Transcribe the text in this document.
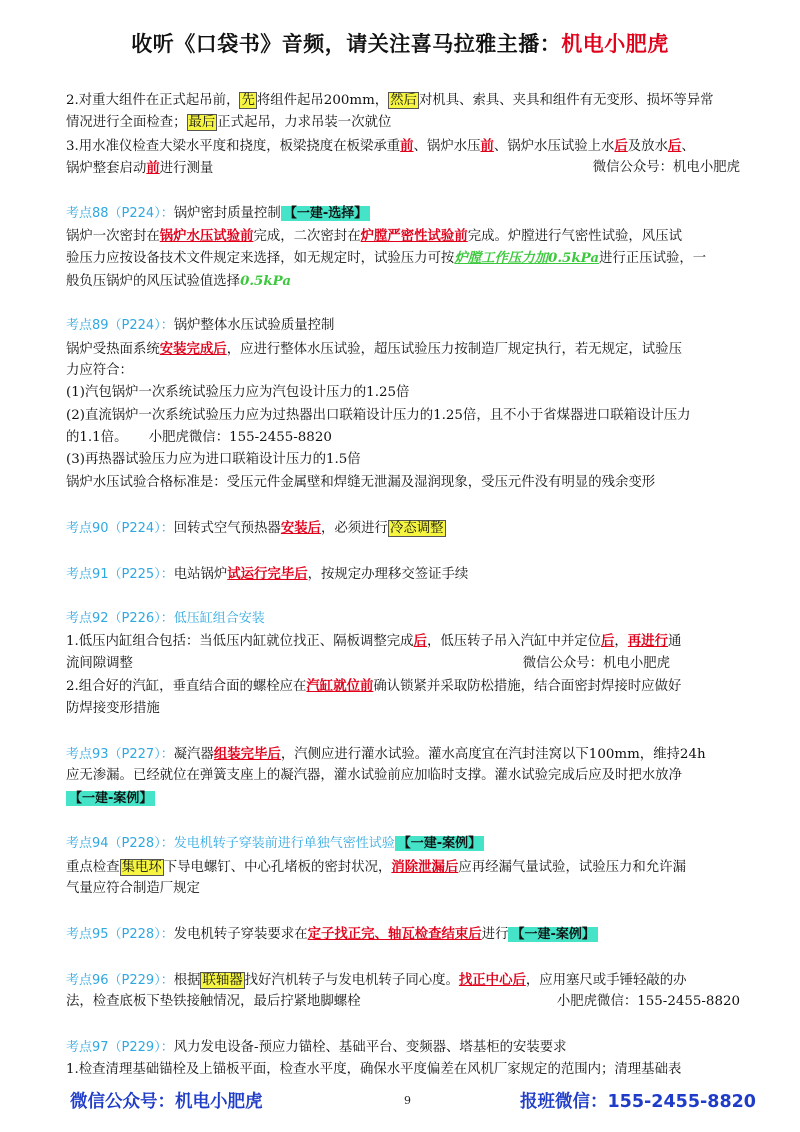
收听《口袋书》音频，请关注喜马拉雅主播：机电小肥虎
2.对重大组件在正式起吊前， 先 将组件起吊200mm， 然后 对机具、索具、夹具和组件有无变形、损坏等异常
情况进行全面检查； 最后 正式起吊，力求吊装一次就位
3.用水准仪检查大梁水平度和挠度，板梁挠度在板梁承重前、锅炉水压前、锅炉水压试验上水后及放水后、
锅炉整套启动前进行测量	微信公众号：机电小肥虎
考点88（P224）：锅炉密封质量控制 【一建-选择】
锅炉一次密封在锅炉水压试验前完成，二次密封在炉膛严密性试验前完成。炉膛进行气密性试验，风压试
验压力应按设备技术文件规定来选择，如无规定时，试验压力可按炉膛工作压力加0.5kPa进行正压试验，一
般负压锅炉的风压试验值选择0.5kPa
考点89（P224）：锅炉整体水压试验质量控制
锅炉受热面系统安装完成后，应进行整体水压试验，超压试验压力按制造厂规定执行，若无规定，试验压
力应符合：
(1)汽包锅炉一次系统试验压力应为汽包设计压力的1.25倍
(2)直流锅炉一次系统试验压力应为过热器出口联箱设计压力的1.25倍，且不小于省煤器进口联箱设计压力
的1.1倍。     小肥虎微信：155-2455-8820
(3)再热器试验压力应为进口联箱设计压力的1.5倍
锅炉水压试验合格标准是：受压元件金属壁和焊缝无泄漏及湿润现象，受压元件没有明显的残余变形
考点90（P224）：回转式空气预热器安装后，必须进行 冷态调整
考点91（P225）：电站锅炉试运行完毕后，按规定办理移交签证手续
考点92（P226）：低压缸组合安装
1.低压内缸组合包括：当低压内缸就位找正、隔板调整完成后，低压转子吊入汽缸中并定位后，再进行通
流间隙调整	微信公众号：机电小肥虎
2.组合好的汽缸，垂直结合面的螺栓应在汽缸就位前确认锁紧并采取防松措施，结合面密封焊接时应做好
防焊接变形措施
考点93（P227）：凝汽器组装完毕后，汽侧应进行灌水试验。灌水高度宜在汽封洼窝以下100mm，维持24h
应无渗漏。已经就位在弹簧支座上的凝汽器，灌水试验前应加临时支撑。灌水试验完成后应及时把水放净
【一建-案例】
考点94（P228）：发电机转子穿装前进行单独气密性试验 【一建-案例】
重点检查 集电环 下导电螺钉、中心孔堵板的密封状况，消除泄漏后应再经漏气量试验，试验压力和允许漏
气量应符合制造厂规定
考点95（P228）：发电机转子穿装要求在定子找正完、轴瓦检查结束后进行 【一建-案例】
考点96（P229）：根据 联轴器 找好汽机转子与发电机转子同心度。找正中心后，应用塞尺或手锤轻敲的办
法，检查底板下垫铁接触情况，最后拧紧地脚螺栓	小肥虎微信：155-2455-8820
考点97（P229）：风力发电设备-预应力锚栓、基础平台、变频器、塔基柜的安装要求
1.检查清理基础锚栓及上锚板平面，检查水平度，确保水平度偏差在风机厂家规定的范围内；清理基础表
微信公众号：机电小肥虎	9	报班微信：155-2455-8820
